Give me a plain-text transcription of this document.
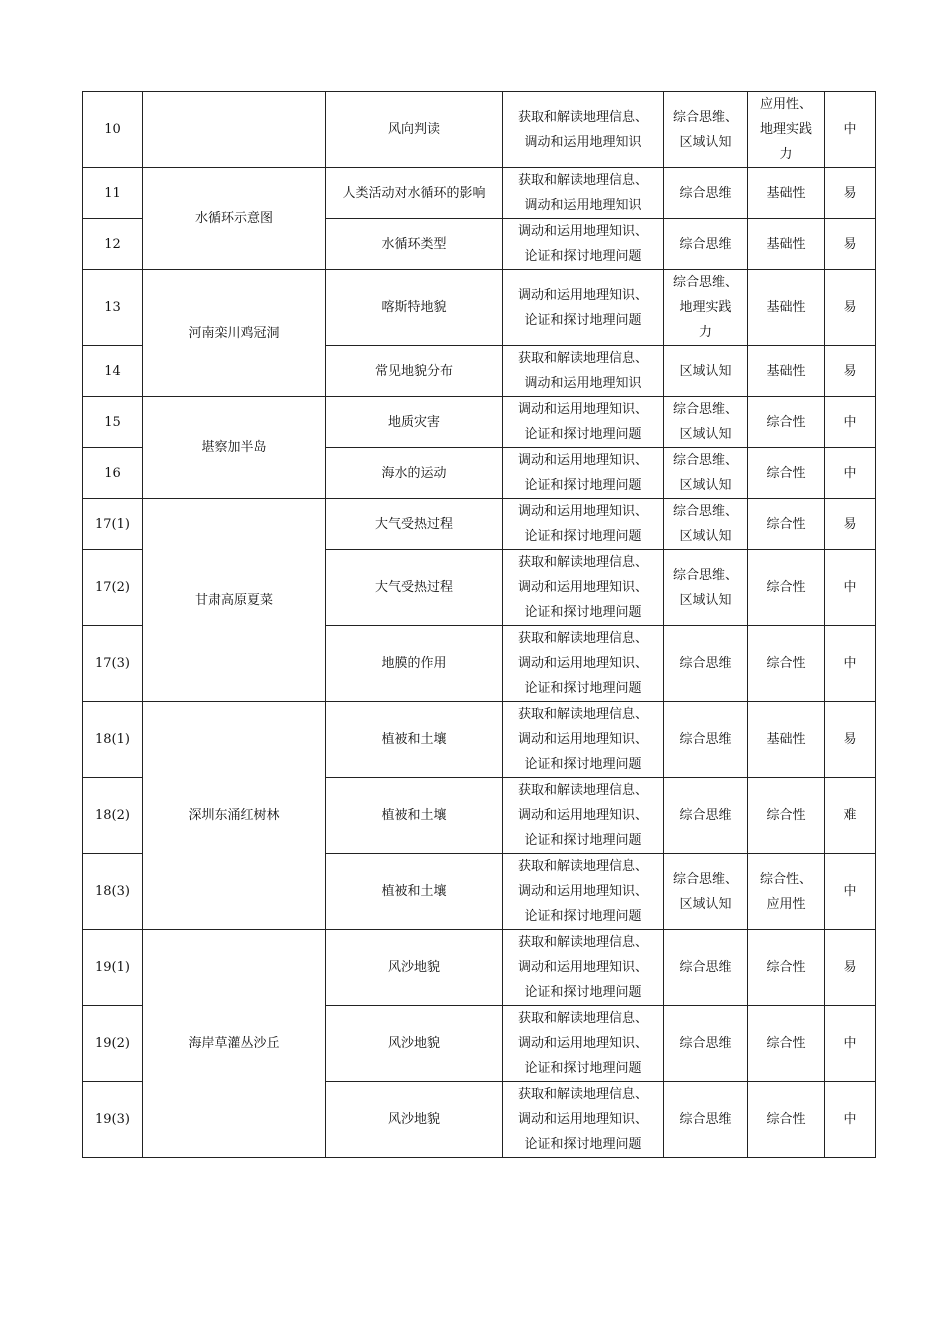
10		风向判读	获取和解读地理信息、
调动和运用地理知识	综合思维、
区域认知	应用性、
地理实践
力	中
11	水循环示意图	人类活动对水循环的影响	获取和解读地理信息、
调动和运用地理知识	综合思维	基础性	易
12		水循环类型	调动和运用地理知识、
论证和探讨地理问题	综合思维	基础性	易
13	河南栾川鸡冠洞	喀斯特地貌	调动和运用地理知识、
论证和探讨地理问题	综合思维、
地理实践
力	基础性	易
14		常见地貌分布	获取和解读地理信息、
调动和运用地理知识	区域认知	基础性	易
15	堪察加半岛	地质灾害	调动和运用地理知识、
论证和探讨地理问题	综合思维、
区域认知	综合性	中
16		海水的运动	调动和运用地理知识、
论证和探讨地理问题	综合思维、
区域认知	综合性	中
17(1)	甘肃高原夏菜	大气受热过程	调动和运用地理知识、
论证和探讨地理问题	综合思维、
区域认知	综合性	易
17(2)		大气受热过程	获取和解读地理信息、
调动和运用地理知识、
论证和探讨地理问题	综合思维、
区域认知	综合性	中
17(3)		地膜的作用	获取和解读地理信息、
调动和运用地理知识、
论证和探讨地理问题	综合思维	综合性	中
18(1)	深圳东涌红树林	植被和土壤	获取和解读地理信息、
调动和运用地理知识、
论证和探讨地理问题	综合思维	基础性	易
18(2)		植被和土壤	获取和解读地理信息、
调动和运用地理知识、
论证和探讨地理问题	综合思维	综合性	难
18(3)		植被和土壤	获取和解读地理信息、
调动和运用地理知识、
论证和探讨地理问题	综合思维、
区域认知	综合性、
应用性	中
19(1)	海岸草灌丛沙丘	风沙地貌	获取和解读地理信息、
调动和运用地理知识、
论证和探讨地理问题	综合思维	综合性	易
19(2)		风沙地貌	获取和解读地理信息、
调动和运用地理知识、
论证和探讨地理问题	综合思维	综合性	中
19(3)		风沙地貌	获取和解读地理信息、
调动和运用地理知识、
论证和探讨地理问题	综合思维	综合性	中
